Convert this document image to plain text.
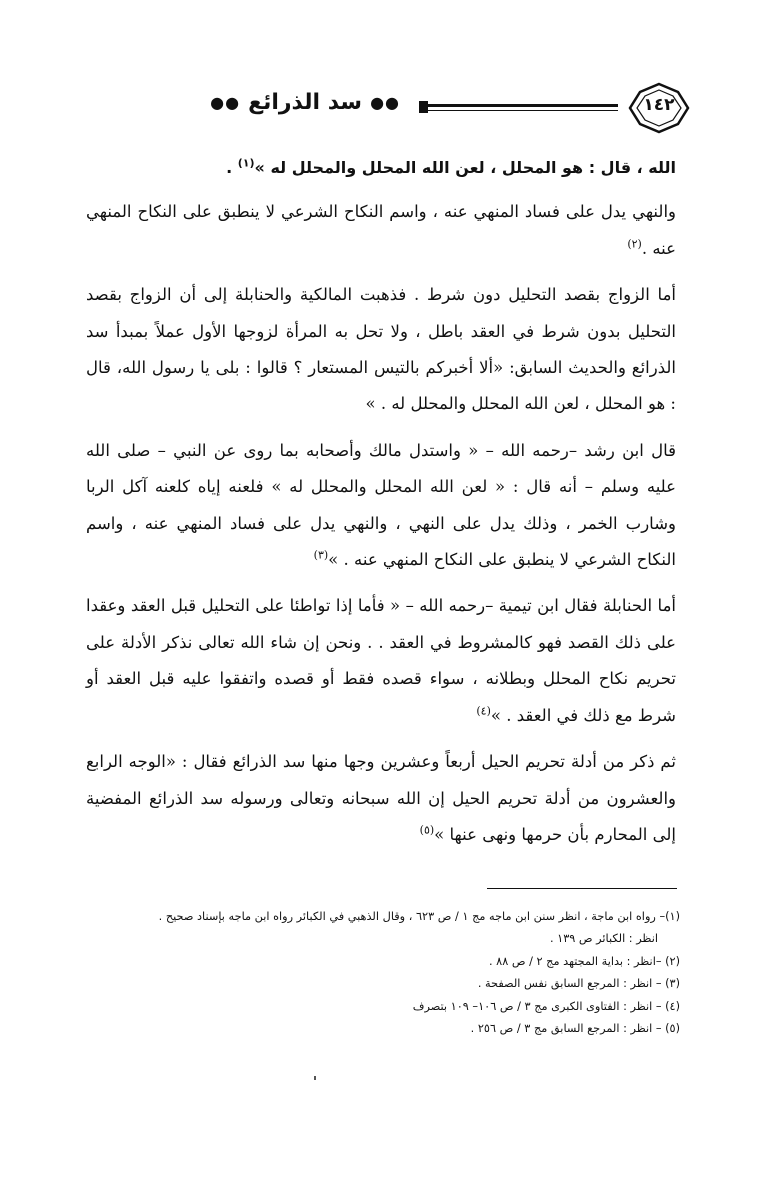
١٤٢
●●
سد الذرائع
●●

الله ، قال : هو المحلل ، لعن الله المحلل والمحلل له »$^{(١)}$ .

والنهي يدل على فساد المنهي عنه ، واسم النكاح الشرعي لا ينطبق على النكاح المنهي عنه .$^{(٢)}$

أما الزواج بقصد التحليل دون شرط . فذهبت المالكية والحنابلة إلى أن الزواج بقصد التحليل بدون شرط في العقد باطل ، ولا تحل به المرأة لزوجها الأول عملاً بمبدأ سد الذرائع والحديث السابق: «ألا أخبركم بالتيس المستعار ؟ قالوا : بلى يا رسول الله، قال : هو المحلل ، لعن الله المحلل والمحلل له . »

قال ابن رشد –رحمه الله – « واستدل مالك وأصحابه بما روى عن النبي – صلى الله عليه وسلم – أنه قال : « لعن الله المحلل والمحلل له » فلعنه إياه كلعنه آكل الربا وشارب الخمر ، وذلك يدل على النهي ، والنهي يدل على فساد المنهي عنه ، واسم النكاح الشرعي لا ينطبق على النكاح المنهي عنه . »$^{(٣)}$

أما الحنابلة فقال ابن تيمية –رحمه الله – « فأما إذا تواطئا على التحليل قبل العقد وعقدا على ذلك القصد فهو كالمشروط في العقد . . ونحن إن شاء الله تعالى نذكر الأدلة على تحريم نكاح المحلل وبطلانه ، سواء قصده فقط أو قصده واتفقوا عليه قبل العقد أو شرط مع ذلك في العقد . »$^{(٤)}$

ثم ذكر من أدلة تحريم الحيل أربعاً وعشرين وجها منها سد الذرائع فقال : «الوجه الرابع والعشرون من أدلة تحريم الحيل إن الله سبحانه وتعالى ورسوله سد الذرائع المفضية إلى المحارم بأن حرمها ونهى عنها »$^{(٥)}$

(١)– رواه ابن ماجة ، انظر سنن ابن ماجه مج ١ / ص ٦٢٣ ، وقال الذهبي في الكبائر رواه ابن ماجه بإسناد صحيح .

انظر : الكبائر ص ١٣٩ .

(٢) –انظر : بداية المجتهد مج ٢ / ص ٨٨ .

(٣) – انظر : المرجع السابق نفس الصفحة .

(٤) – انظر : الفتاوى الكبرى مج ٣ / ص ١٠٦– ١٠٩ بتصرف

(٥) – انظر : المرجع السابق مج ٣ / ص ٢٥٦ .
